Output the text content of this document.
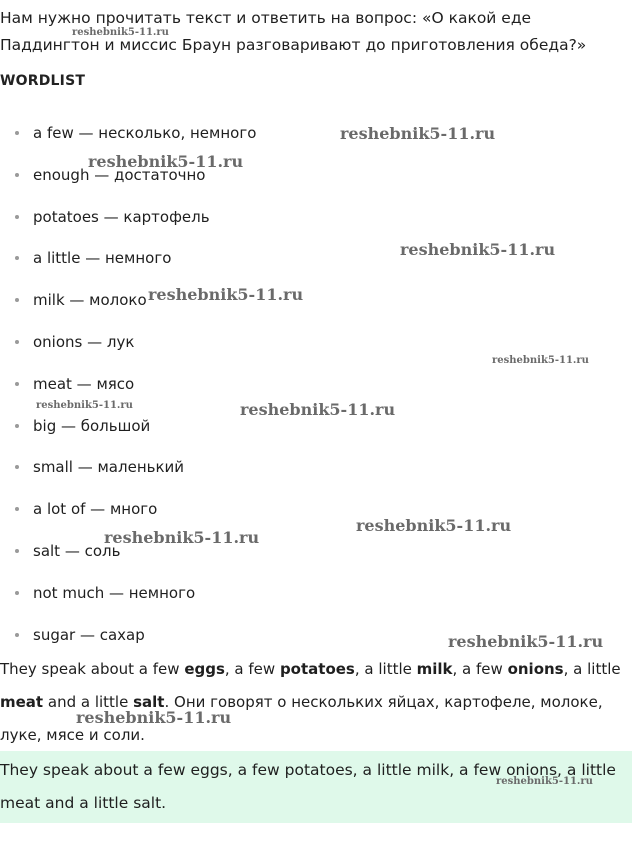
Нам нужно прочитать текст и ответить на вопрос: «О какой еде Паддингтон и миссис Браун разговаривают до приготовления обеда?»

WORDLIST
a few — несколько, немного
enough — достаточно
potatoes — картофель
a little — немного
milk — молоко
onions — лук
meat — мясо
big — большой
small — маленький
a lot of — много
salt — соль
not much — немного
sugar — сахар

They speak about a few eggs, a few potatoes, a little milk, a few onions, a little meat and a little salt. Они говорят о нескольких яйцах, картофеле, молоке, луке, мясе и соли.

They speak about a few eggs, a few potatoes, a little milk, a few onions, a little meat and a little salt.

reshebnik5-11.ru
reshebnik5-11.ru
reshebnik5-11.ru
reshebnik5-11.ru
reshebnik5-11.ru
reshebnik5-11.ru
reshebnik5-11.ru	reshebnik5-11.ru
reshebnik5-11.ru
reshebnik5-11.ru
reshebnik5-11.ru
reshebnik5-11.ru
reshebnik5-11.ru
